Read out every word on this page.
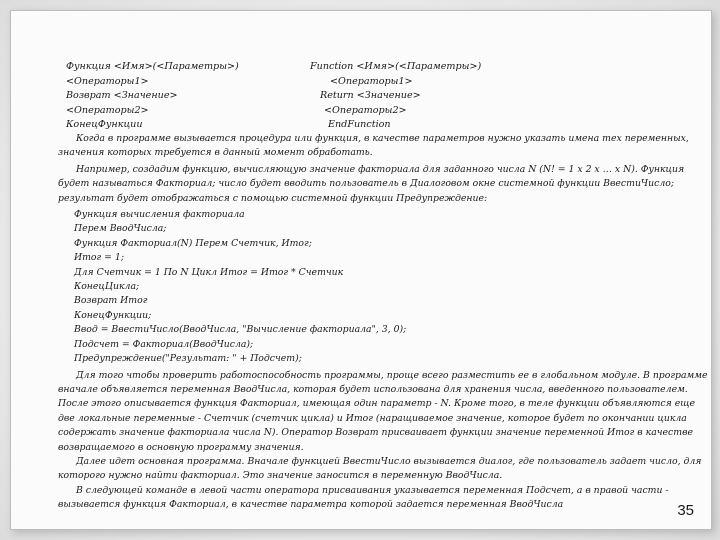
Функция <Имя>(<Параметры>)
<Операторы1>
Возврат <Значение>
<Операторы2>
КонецФункции
Function <Имя>(<Параметры>)
<Операторы1>
Return <Значение>
<Операторы2>
EndFunction

Когда в программе вызывается процедура или функция, в качестве параметров нужно указать имена тех переменных, значения которых требуется в данный момент обработать.

Например, создадим функцию, вычисляющую значение факториала для заданного числа N (N! = 1 x 2 x … x N). Функция будет называться Факториал; число будет вводить пользователь в Диалоговом окне системной функции ВвестиЧисло; результат будет отображаться с помощью системной функции Предупреждение:

Функция вычисления факториала

Перем ВводЧисла;

Функция Факториал(N) Перем Счетчик, Итог;

Итог = 1;

Для Счетчик = 1 По N Цикл Итог = Итог * Счетчик

КонецЦикла;

Возврат Итог

КонецФункции;

Ввод = ВвестиЧисло(ВводЧисла, "Вычисление факториала", 3, 0);

Подсчет = Факториал(ВводЧисла);

Предупреждение("Результат: " + Подсчет);

Для того чтобы проверить работоспособность программы, проще всего разместить ее в глобальном модуле. В программе вначале объявляется переменная ВводЧисла, которая будет использована для хранения числа, введенного пользователем. После этого описывается функция Факториал, имеющая один параметр - N. Кроме того, в теле функции объявляются еще две локальные переменные - Счетчик (счетчик цикла) и Итог (наращиваемое значение, которое будет по окончании цикла содержать значение факториала числа N). Оператор Возврат присваивает функции значение переменной Итог в качестве возвращаемого в основную программу значения.

Далее идет основная программа. Вначале функцией ВвестиЧисло вызывается диалог, где пользователь задает число, для которого нужно найти факториал. Это значение заносится в переменную ВводЧисла.

В следующей команде в левой части оператора присваивания указывается переменная Подсчет, а в правой части - вызывается функция Факториал, в качестве параметра которой задается переменная ВводЧисла	35
